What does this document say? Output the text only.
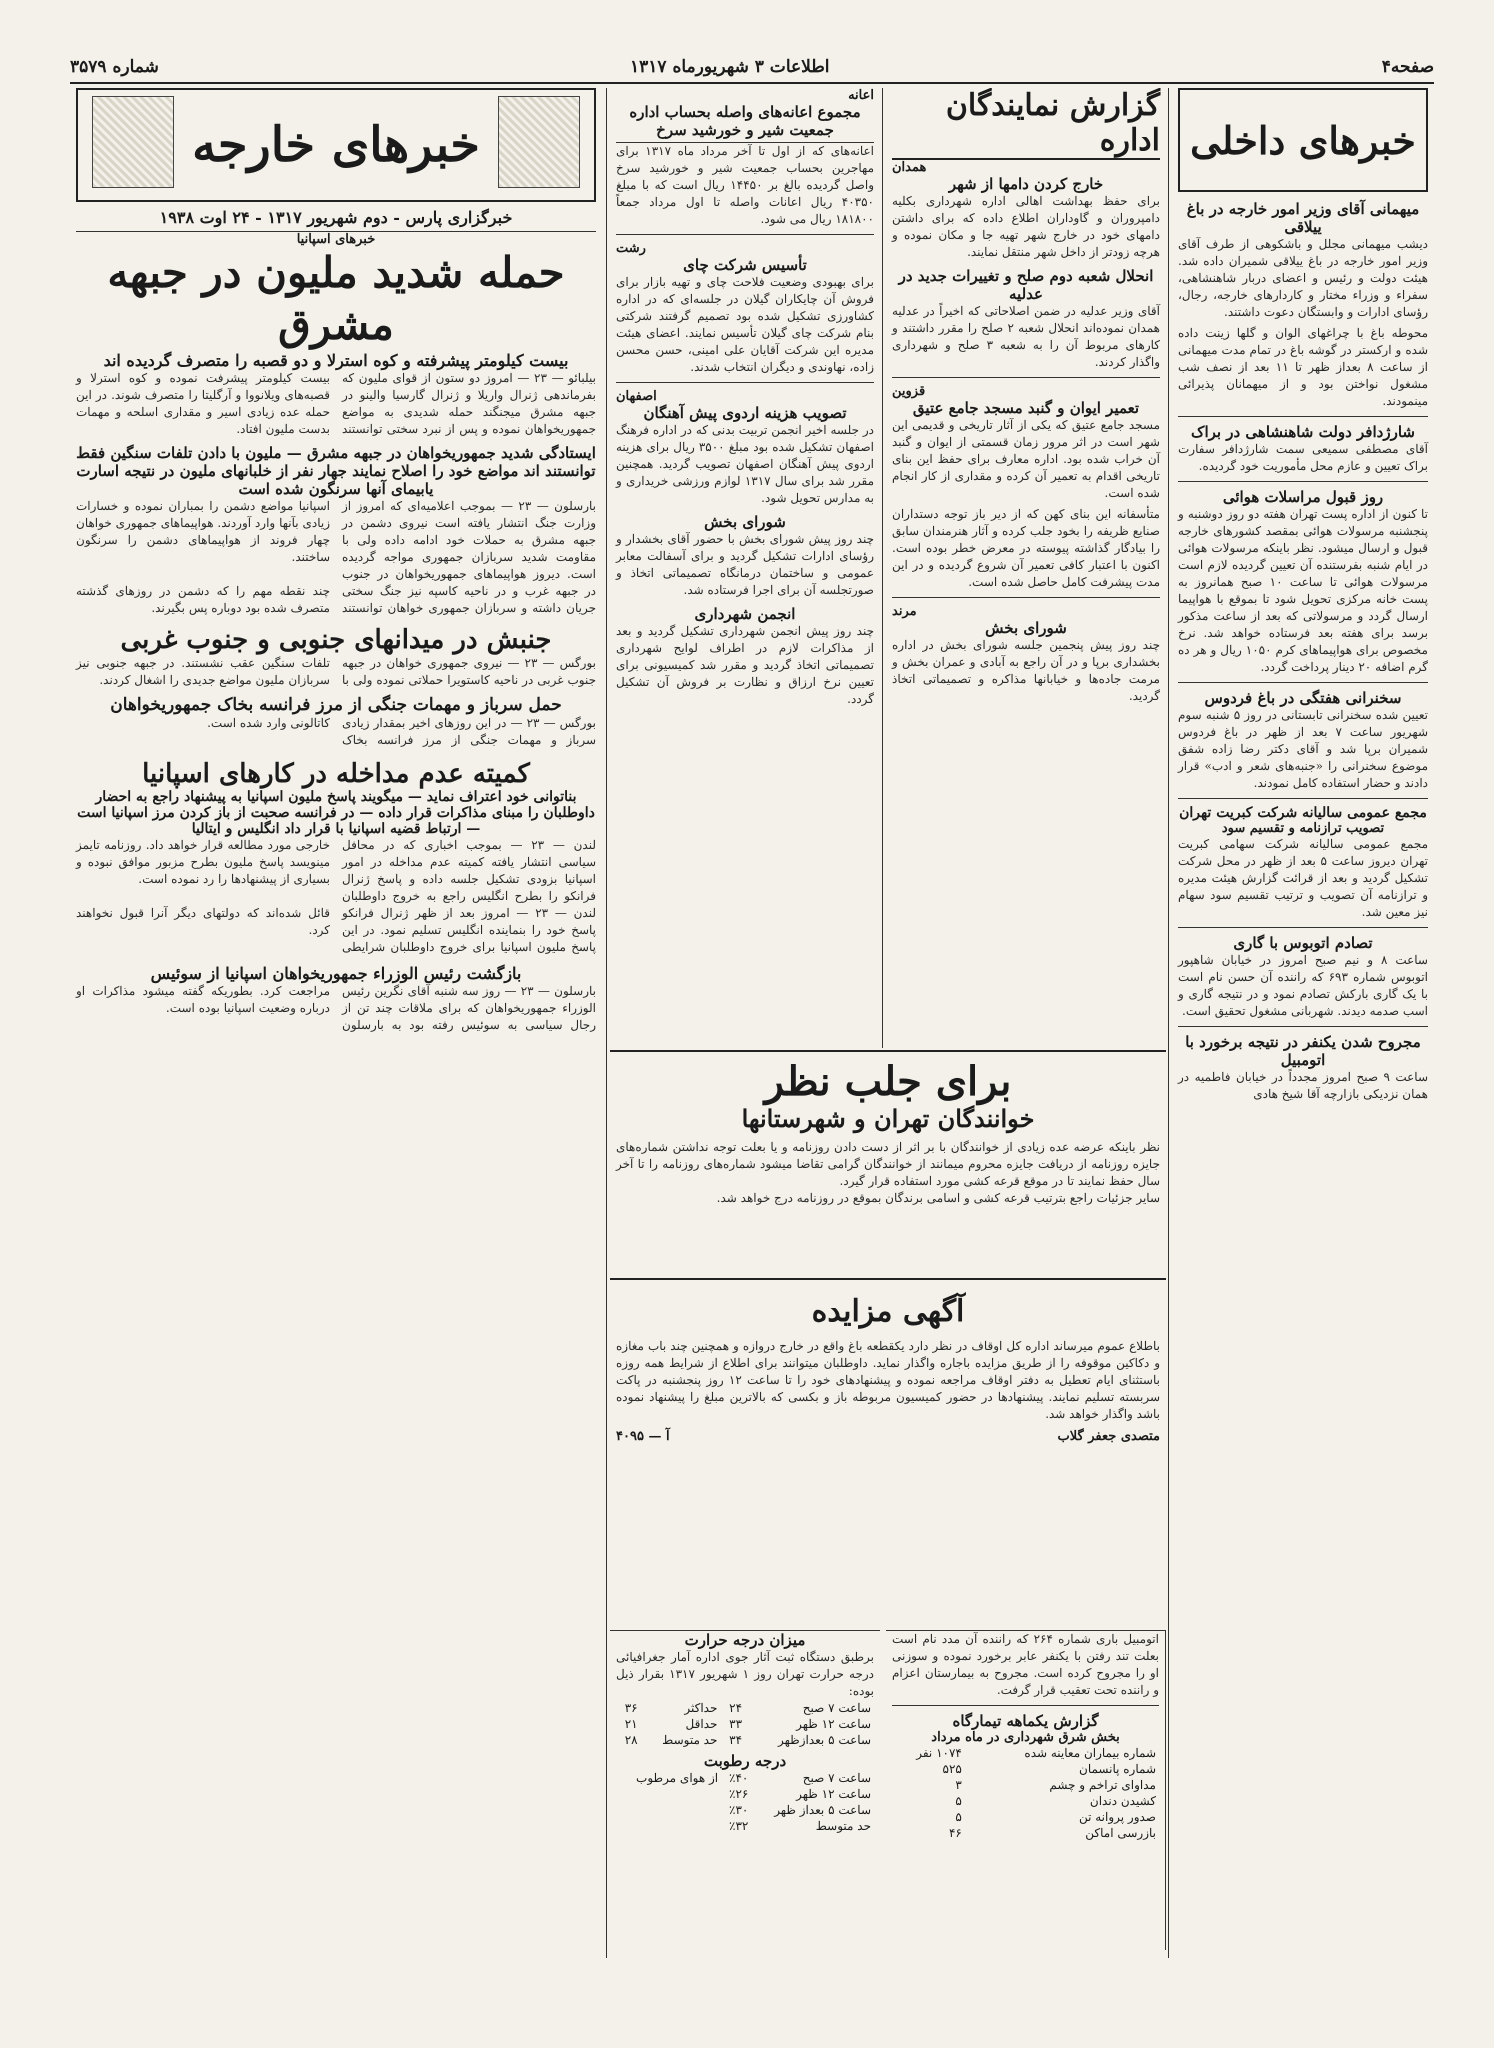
صفحه۴
اطلاعات ۳ شهریورماه ۱۳۱۷
شماره ۳۵۷۹
خبرهای داخلی
میهمانی آقای وزیر امور خارجه در باغ ییلاقی
دیشب میهمانی مجلل و باشکوهی از طرف آقای وزیر امور خارجه در باغ ییلاقی شمیران داده شد. هیئت دولت و رئیس و اعضای دربار شاهنشاهی، سفراء و وزراء مختار و کاردارهای خارجه، رجال، رؤسای ادارات و وابستگان دعوت داشتند.
محوطه باغ با چراغهای الوان و گلها زینت داده شده و ارکستر در گوشه باغ در تمام مدت میهمانی از ساعت ۸ بعداز ظهر تا ۱۱ بعد از نصف شب مشغول نواختن بود و از میهمانان پذیرائی مینمودند.
شارژدافر دولت شاهنشاهی در براک
آقای مصطفی سمیعی سمت شارژدافر سفارت براک تعیین و عازم محل مأموریت خود گردیده.
روز قبول مراسلات هوائی
تا کنون از اداره پست تهران هفته دو روز دوشنبه و پنجشنبه مرسولات هوائی بمقصد کشورهای خارجه قبول و ارسال میشود. نظر باینکه مرسولات هوائی در ایام شنبه بفرستنده آن تعیین گردیده لازم است مرسولات هوائی تا ساعت ۱۰ صبح همانروز به پست خانه مرکزی تحویل شود تا بموقع با هواپیما ارسال گردد و مرسولاتی که بعد از ساعت مذکور برسد برای هفته بعد فرستاده خواهد شد. نرخ مخصوص برای هواپیماهای کرم ۱۰۵۰ ریال و هر ده گرم اضافه ۲۰ دینار پرداخت گردد.
سخنرانی هفتگی در باغ فردوس
تعیین شده سخنرانی تابستانی در روز ۵ شنبه سوم شهریور ساعت ۷ بعد از ظهر در باغ فردوس شمیران برپا شد و آقای دکتر رضا زاده شفق موضوع سخنرانی را «جنبه‌های شعر و ادب» قرار دادند و حضار استفاده کامل نمودند.
مجمع عمومی سالیانه شرکت کبریت تهران
تصویب ترازنامه و تقسیم سود
مجمع عمومی سالیانه شرکت سهامی کبریت تهران دیروز ساعت ۵ بعد از ظهر در محل شرکت تشکیل گردید و بعد از قرائت گزارش هیئت مدیره و ترازنامه آن تصویب و ترتیب تقسیم سود سهام نیز معین شد.
تصادم اتوبوس با گاری
ساعت ۸ و نیم صبح امروز در خیابان شاهپور اتوبوس شماره ۶۹۳ که راننده آن حسن نام است با یک گاری بارکش تصادم نمود و در نتیجه گاری و اسب صدمه دیدند. شهربانی مشغول تحقیق است.
مجروح شدن یکنفر در نتیجه برخورد با اتومبیل
ساعت ۹ صبح امروز مجدداً در خیابان فاطمیه در همان نزدیکی بازارچه آقا شیخ هادی
گزارش نمایندگان اداره
همدان
خارج کردن دامها از شهر
برای حفظ بهداشت اهالی اداره شهرداری بکلیه دامپروران و گاوداران اطلاع داده که برای داشتن دامهای خود در خارج شهر تهیه جا و مکان نموده و هرچه زودتر از داخل شهر منتقل نمایند.
انحلال شعبه دوم صلح و تغییرات جدید در عدلیه
آقای وزیر عدلیه در ضمن اصلاحاتی که اخیراً در عدلیه همدان نموده‌اند انحلال شعبه ۲ صلح را مقرر داشتند و کارهای مربوط آن را به شعبه ۳ صلح و شهرداری واگذار کردند.
قزوین
تعمیر ایوان و گنبد مسجد جامع عتیق
مسجد جامع عتیق که یکی از آثار تاریخی و قدیمی این شهر است در اثر مرور زمان قسمتی از ایوان و گنبد آن خراب شده بود. اداره معارف برای حفظ این بنای تاریخی اقدام به تعمیر آن کرده و مقداری از کار انجام شده است.
متأسفانه این بنای کهن که از دیر باز توجه دستداران صنایع ظریفه را بخود جلب کرده و آثار هنرمندان سابق را بیادگار گذاشته پیوسته در معرض خطر بوده است. اکنون با اعتبار کافی تعمیر آن شروع گردیده و در این مدت پیشرفت کامل حاصل شده است.
مرند
شورای بخش
چند روز پیش پنجمین جلسه شورای بخش در اداره بخشداری برپا و در آن راجع به آبادی و عمران بخش و مرمت جاده‌ها و خیابانها مذاکره و تصمیماتی اتخاذ گردید.
اعانه
مجموع اعانه‌های واصله بحساب اداره جمعیت شیر و خورشید سرخ
اعانه‌های که از اول تا آخر مرداد ماه ۱۳۱۷ برای مهاجرین بحساب جمعیت شیر و خورشید سرخ واصل گردیده بالغ بر ۱۴۴۵۰ ریال است که با مبلغ ۴۰۳۵۰ ریال اعانات واصله تا اول مرداد جمعاً ۱۸۱۸۰۰ ریال می شود.
رشت
تأسیس شرکت چای
برای بهبودی وضعیت فلاحت چای و تهیه بازار برای فروش آن چایکاران گیلان در جلسه‌ای که در اداره کشاورزی تشکیل شده بود تصمیم گرفتند شرکتی بنام شرکت چای گیلان تأسیس نمایند. اعضای هیئت مدیره این شرکت آقایان علی امینی، حسن محسن زاده، نهاوندی و دیگران انتخاب شدند.
اصفهان
تصویب هزینه اردوی پیش آهنگان
در جلسه اخیر انجمن تربیت بدنی که در اداره فرهنگ اصفهان تشکیل شده بود مبلغ ۳۵۰۰ ریال برای هزینه اردوی پیش آهنگان اصفهان تصویب گردید. همچنین مقرر شد برای سال ۱۳۱۷ لوازم ورزشی خریداری و به مدارس تحویل شود.
شورای بخش
چند روز پیش شورای بخش با حضور آقای بخشدار و رؤسای ادارات تشکیل گردید و برای آسفالت معابر عمومی و ساختمان درمانگاه تصمیماتی اتخاذ و صورتجلسه آن برای اجرا فرستاده شد.
انجمن شهرداری
چند روز پیش انجمن شهرداری تشکیل گردید و بعد از مذاکرات لازم در اطراف لوایح شهرداری تصمیماتی اتخاذ گردید و مقرر شد کمیسیونی برای تعیین نرخ ارزاق و نظارت بر فروش آن تشکیل گردد.
برای جلب نظر
خوانندگان تهران و شهرستانها
نظر باینکه عرضه عده زیادی از خوانندگان با بر اثر از دست دادن روزنامه و یا بعلت توجه نداشتن شماره‌های جایزه روزنامه از دریافت جایزه محروم میمانند از خوانندگان گرامی تقاضا میشود شماره‌های روزنامه را تا آخر سال حفظ نمایند تا در موقع قرعه کشی مورد استفاده قرار گیرد.
سایر جزئیات راجع بترتیب قرعه کشی و اسامی برندگان بموقع در روزنامه درج خواهد شد.
آگهی مزایده
باطلاع عموم میرساند اداره کل اوقاف در نظر دارد یکقطعه باغ واقع در خارج دروازه و همچنین چند باب مغازه و دکاکین موقوفه را از طریق مزایده باجاره واگذار نماید. داوطلبان میتوانند برای اطلاع از شرایط همه روزه باستثنای ایام تعطیل به دفتر اوقاف مراجعه نموده و پیشنهادهای خود را تا ساعت ۱۲ روز پنجشنبه در پاکت سربسته تسلیم نمایند. پیشنهادها در حضور کمیسیون مربوطه باز و بکسی که بالاترین مبلغ را پیشنهاد نموده باشد واگذار خواهد شد.
متصدی جعفر گلاب
آ — ۴۰۹۵
میزان درجه حرارت
برطبق دستگاه ثبت آثار جوی اداره آمار جغرافیائی درجه حرارت تهران روز ۱ شهریور ۱۳۱۷ بقرار ذیل بوده:
ساعت ۷ صبح	۲۴	حداکثر	۳۶
ساعت ۱۲ ظهر	۳۳	حداقل	۲۱
ساعت ۵ بعدازظهر	۳۴	حد متوسط	۲۸
درجه رطوبت
ساعت ۷ صبح	٪۴۰	از هوای مرطوب
ساعت ۱۲ ظهر	٪۲۶	
ساعت ۵ بعداز ظهر	٪۳۰	
حد متوسط	٪۳۲	
اتومبیل باری شماره ۲۶۴ که راننده آن مدد نام است بعلت تند رفتن با یکنفر عابر برخورد نموده و سوزنی او را مجروح کرده است. مجروح به بیمارستان اعزام و راننده تحت تعقیب قرار گرفت.
گزارش یکماهه تیمارگاه
بخش شرق شهرداری در ماه مرداد
شماره بیماران معاینه شده	۱۰۷۴ نفر
شماره پانسمان	۵۲۵
مداوای تراخم و چشم	۳
کشیدن دندان	۵
صدور پروانه تن	۵
بازرسی اماکن	۴۶
خبرهای خارجه
خبرگزاری پارس - دوم شهریور ۱۳۱۷ - ۲۴ اوت ۱۹۳۸
خبرهای اسپانیا
حمله شدید ملیون در جبهه مشرق
بیست کیلومتر پیشرفته و کوه استرلا و دو قصبه را متصرف گردیده اند
بیلبائو — ۲۳ — امروز دو ستون از قوای ملیون که بفرماندهی ژنرال واریلا و ژنرال گارسیا والینو در جبهه مشرق میجنگند حمله شدیدی به مواضع جمهوریخواهان نموده و پس از نبرد سختی توانستند بیست کیلومتر پیشرفت نموده و کوه استرلا و قصبه‌های ویلانووا و آرگلیتا را متصرف شوند. در این حمله عده زیادی اسیر و مقداری اسلحه و مهمات بدست ملیون افتاد.
ایستادگی شدید جمهوریخواهان در جبهه مشرق — ملیون با دادن تلفات سنگین فقط توانستند اند مواضع خود را اصلاح نمایند جهار نفر از خلبانهای ملیون در نتیجه اسارت یابیمای آنها سرنگون شده است
بارسلون — ۲۳ — بموجب اعلامیه‌ای که امروز از وزارت جنگ انتشار یافته است نیروی دشمن در جبهه مشرق به حملات خود ادامه داده ولی با مقاومت شدید سربازان جمهوری مواجه گردیده است. دیروز هواپیماهای جمهوریخواهان در جنوب اسپانیا مواضع دشمن را بمباران نموده و خسارات زیادی بآنها وارد آوردند. هواپیماهای جمهوری خواهان چهار فروند از هواپیماهای دشمن را سرنگون ساختند.
در جبهه غرب و در ناحیه کاسپه نیز جنگ سختی جریان داشته و سربازان جمهوری خواهان توانستند چند نقطه مهم را که دشمن در روزهای گذشته متصرف شده بود دوباره پس بگیرند.
جنبش در میدانهای جنوبی و جنوب غربی
بورگس — ۲۳ — نیروی جمهوری خواهان در جبهه جنوب غربی در ناحیه کاستویرا حملاتی نموده ولی با تلفات سنگین عقب نشستند. در جبهه جنوبی نیز سربازان ملیون مواضع جدیدی را اشغال کردند.
حمل سرباز و مهمات جنگی از مرز فرانسه بخاک جمهوریخواهان
بورگس — ۲۳ — در این روزهای اخیر بمقدار زیادی سرباز و مهمات جنگی از مرز فرانسه بخاک کاتالونی وارد شده است.
کمیته عدم مداخله در کارهای اسپانیا
بناتوانی خود اعتراف نماید — میگویند پاسخ ملیون اسپانیا به پیشنهاد راجع به احضار داوطلبان را مبنای مذاکرات قرار داده — در فرانسه صحبت از باز کردن مرز اسپانیا است — ارتباط قضیه اسپانیا با قرار داد انگلیس و ایتالیا
لندن — ۲۳ — بموجب اخباری که در محافل سیاسی انتشار یافته کمیته عدم مداخله در امور اسپانیا بزودی تشکیل جلسه داده و پاسخ ژنرال فرانکو را بطرح انگلیس راجع به خروج داوطلبان خارجی مورد مطالعه قرار خواهد داد. روزنامه تایمز مینویسد پاسخ ملیون بطرح مزبور موافق نبوده و بسیاری از پیشنهادها را رد نموده است.
لندن — ۲۳ — امروز بعد از ظهر ژنرال فرانکو پاسخ خود را بنماینده انگلیس تسلیم نمود. در این پاسخ ملیون اسپانیا برای خروج داوطلبان شرایطی قائل شده‌اند که دولتهای دیگر آنرا قبول نخواهند کرد.
بازگشت رئیس الوزراء جمهوریخواهان اسپانیا از سوئیس
بارسلون — ۲۳ — روز سه شنبه آقای نگرین رئیس الوزراء جمهوریخواهان که برای ملاقات چند تن از رجال سیاسی به سوئیس رفته بود به بارسلون مراجعت کرد. بطوریکه گفته میشود مذاکرات او درباره وضعیت اسپانیا بوده است.
